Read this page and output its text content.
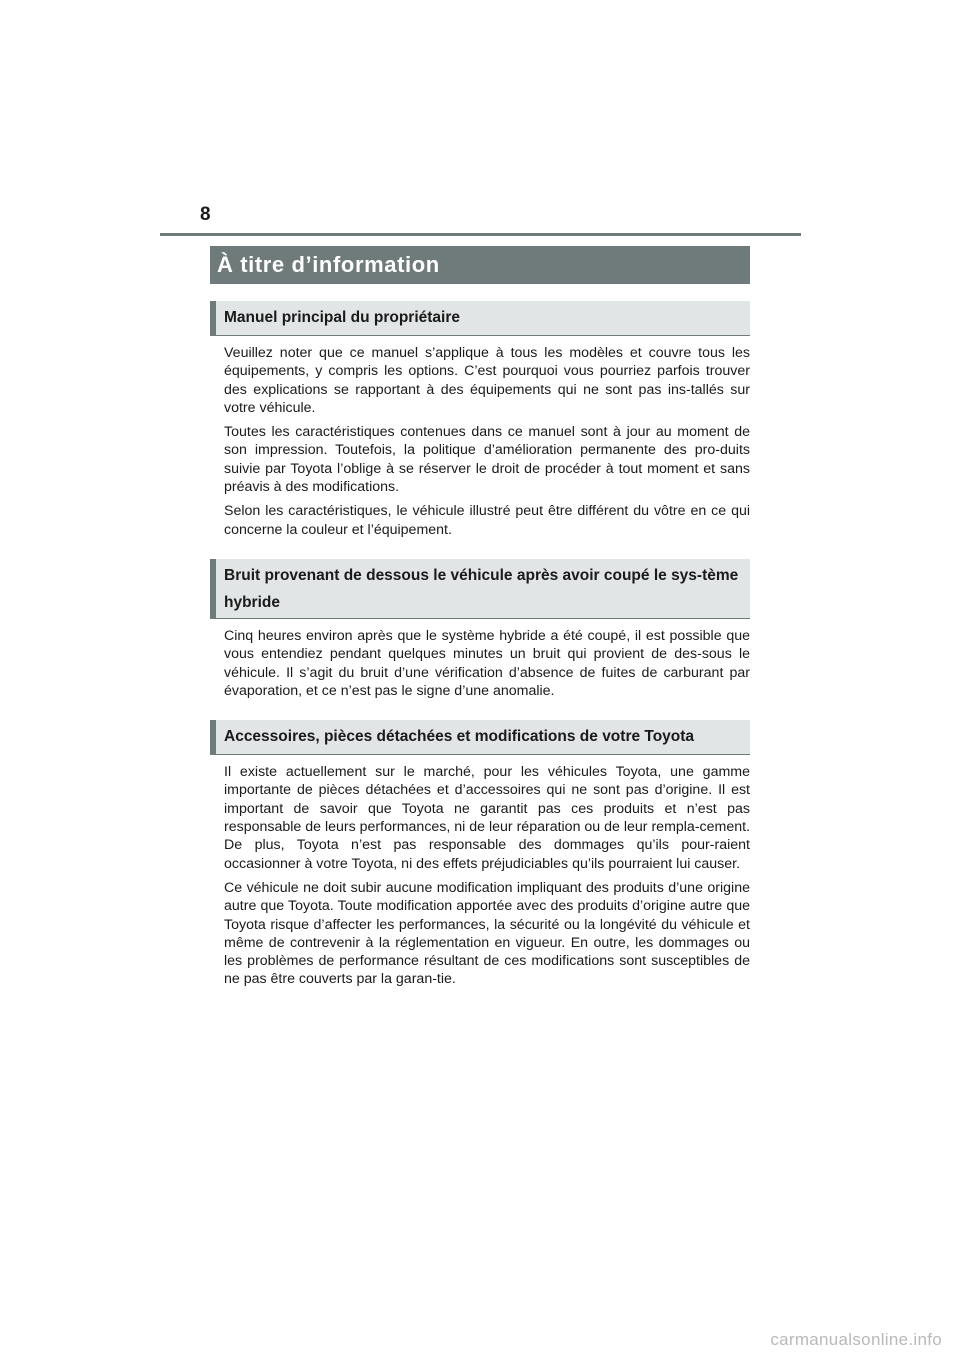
8
À titre d’information
Manuel principal du propriétaire

Veuillez noter que ce manuel s’applique à tous les modèles et couvre tous les équipements, y compris les options. C’est pourquoi vous pourriez parfois trouver des explications se rapportant à des équipements qui ne sont pas ins-tallés sur votre véhicule.

Toutes les caractéristiques contenues dans ce manuel sont à jour au moment de son impression. Toutefois, la politique d’amélioration permanente des pro-duits suivie par Toyota l’oblige à se réserver le droit de procéder à tout moment et sans préavis à des modifications.

Selon les caractéristiques, le véhicule illustré peut être différent du vôtre en ce qui concerne la couleur et l’équipement.

Bruit provenant de dessous le véhicule après avoir coupé le sys-tème hybride

Cinq heures environ après que le système hybride a été coupé, il est possible que vous entendiez pendant quelques minutes un bruit qui provient de des-sous le véhicule. Il s’agit du bruit d’une vérification d’absence de fuites de carburant par évaporation, et ce n’est pas le signe d’une anomalie.

Accessoires, pièces détachées et modifications de votre Toyota

Il existe actuellement sur le marché, pour les véhicules Toyota, une gamme importante de pièces détachées et d’accessoires qui ne sont pas d’origine. Il est important de savoir que Toyota ne garantit pas ces produits et n’est pas responsable de leurs performances, ni de leur réparation ou de leur rempla-cement. De plus, Toyota n’est pas responsable des dommages qu’ils pour-raient occasionner à votre Toyota, ni des effets préjudiciables qu’ils pourraient lui causer.

Ce véhicule ne doit subir aucune modification impliquant des produits d’une origine autre que Toyota. Toute modification apportée avec des produits d’origine autre que Toyota risque d’affecter les performances, la sécurité ou la longévité du véhicule et même de contrevenir à la réglementation en vigueur. En outre, les dommages ou les problèmes de performance résultant de ces modifications sont susceptibles de ne pas être couverts par la garan-tie.

carmanualsonline.info
